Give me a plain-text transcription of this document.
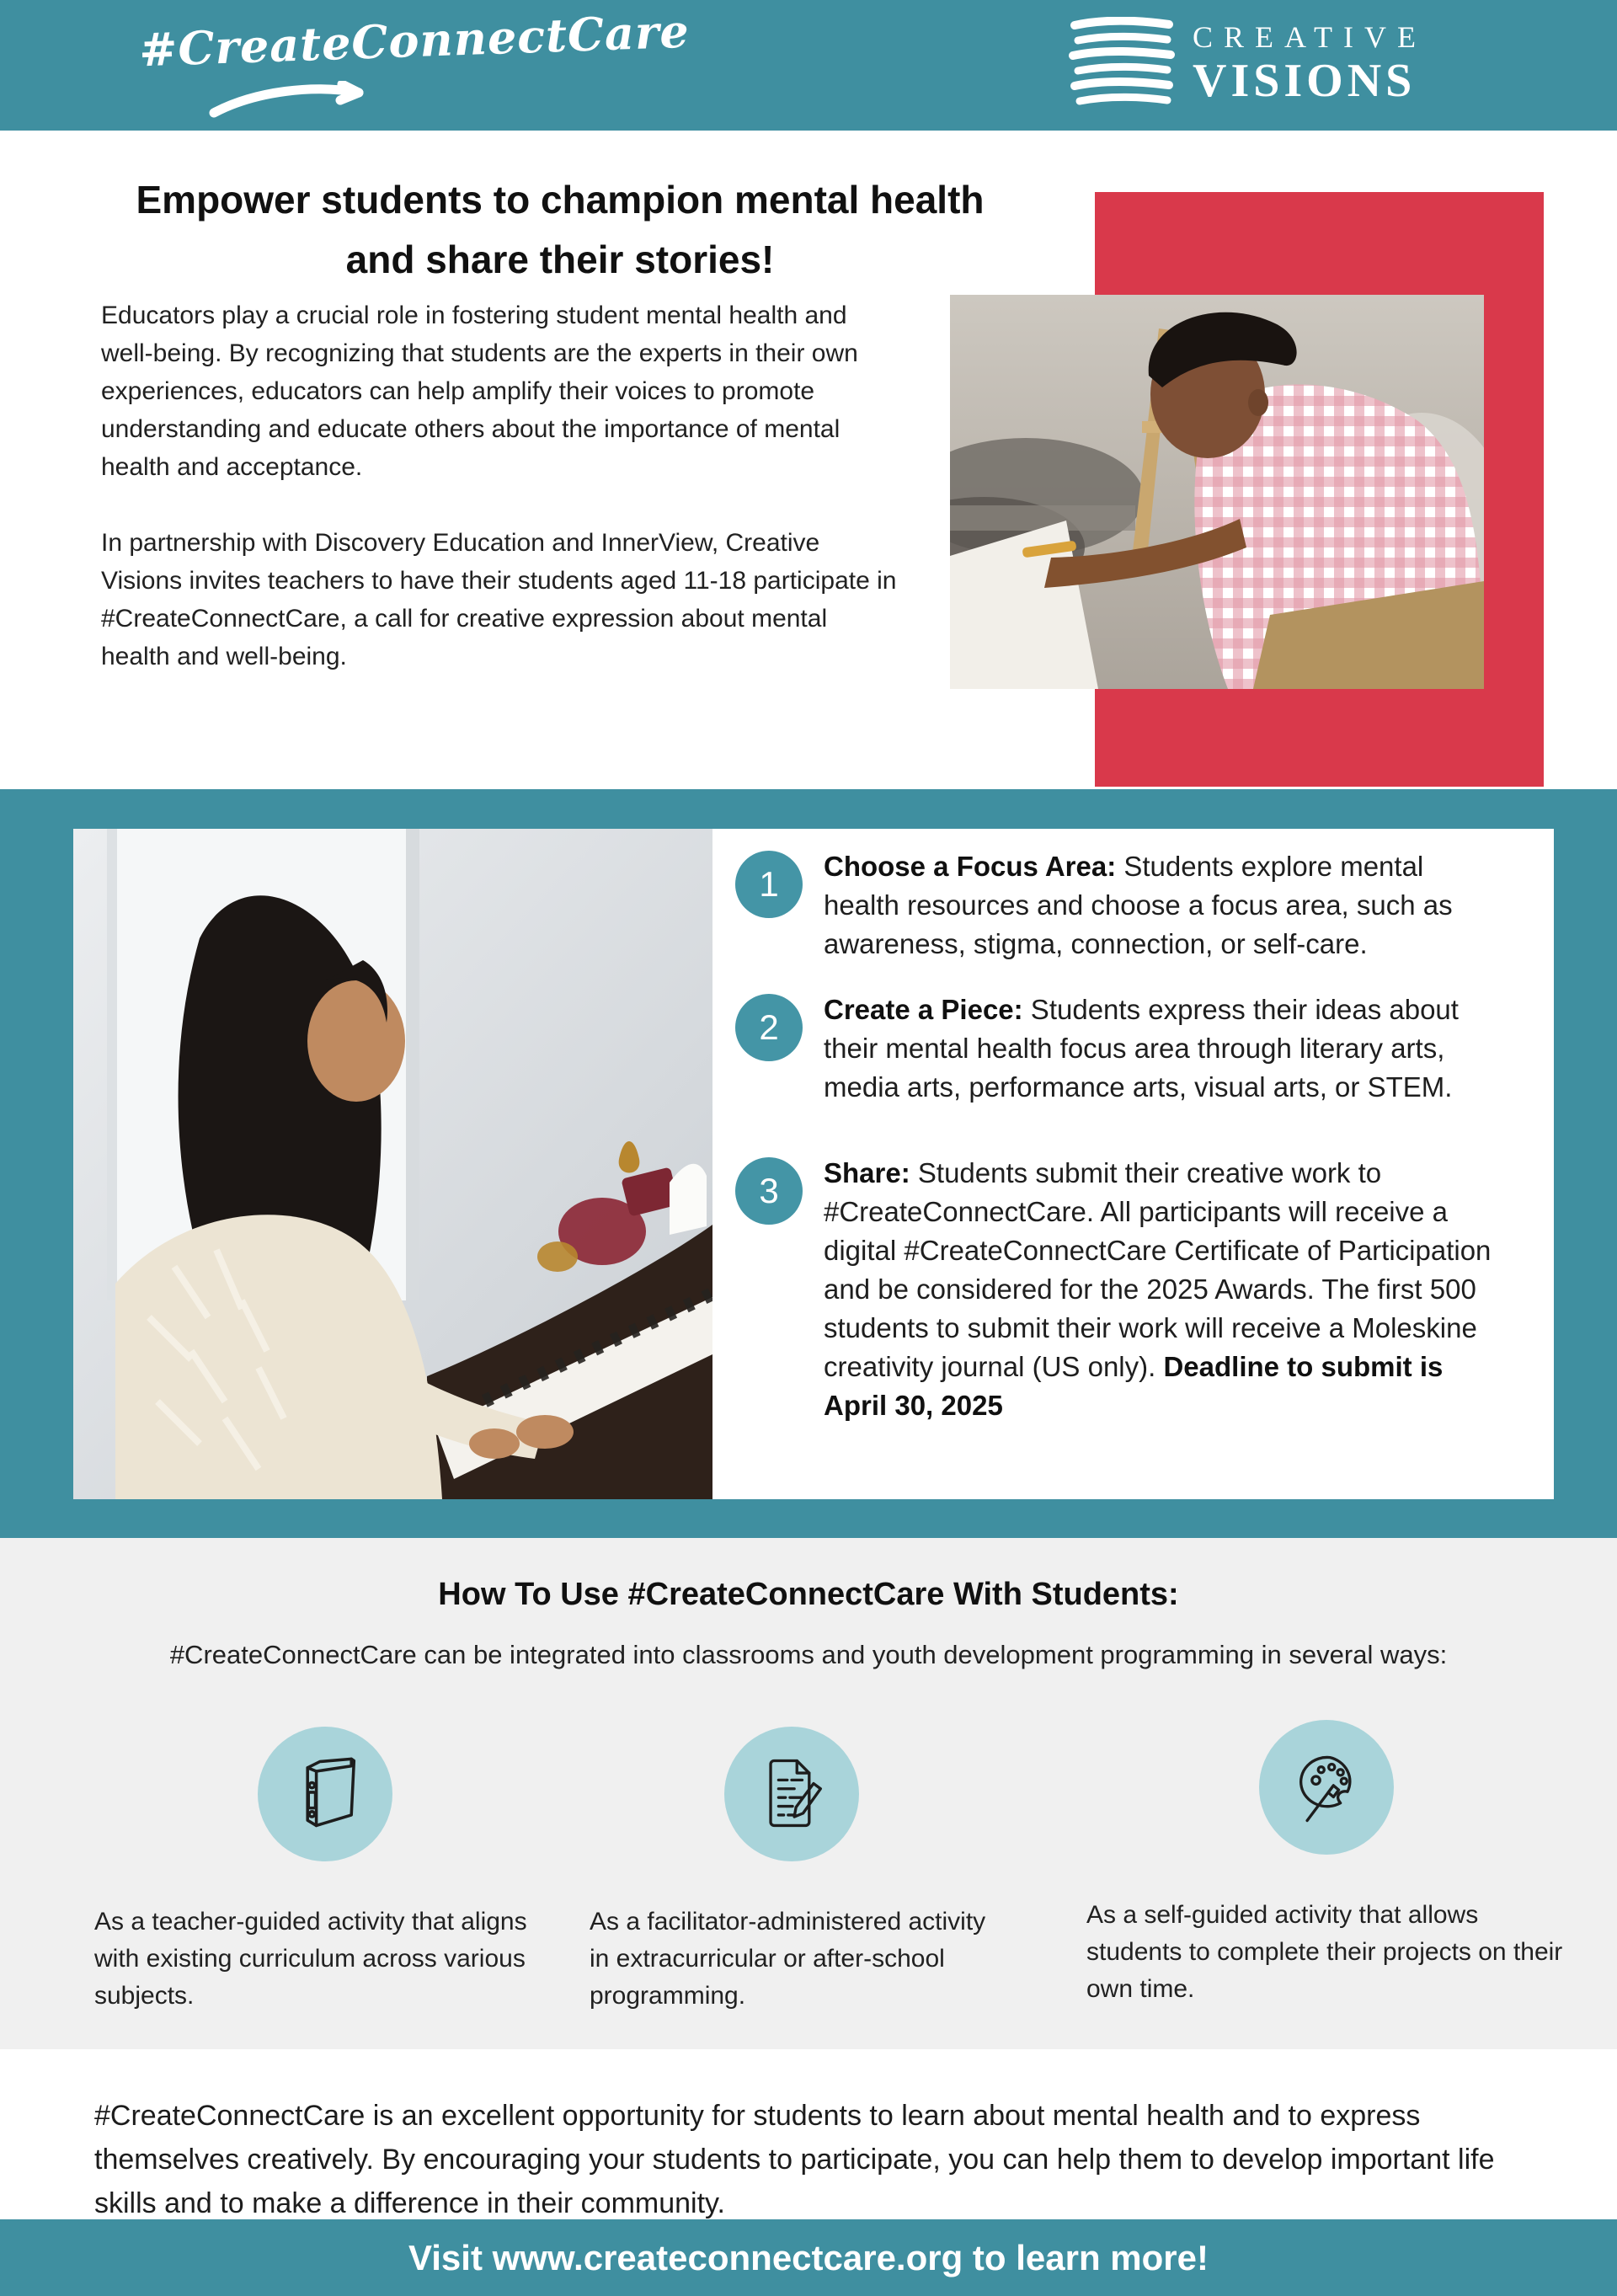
#CreateConnectCare	CREATIVE
VISIONS
Empower students to champion mental health
and share their stories!

Educators play a crucial role in fostering student mental health and well-being. By recognizing that students are the experts in their own experiences, educators can help amplify their voices to promote understanding and educate others about the importance of mental health and acceptance.

In partnership with Discovery Education and InnerView, Creative Visions invites teachers to have their students aged 11-18 participate in #CreateConnectCare, a call for creative expression about mental health and well-being.

1	Choose a Focus Area: Students explore mental health resources and choose a focus area, such as awareness, stigma, connection, or self-care.
2	Create a Piece: Students express their ideas about their mental health focus area through literary arts, media arts, performance arts, visual arts, or STEM.
3	Share: Students submit their creative work to #CreateConnectCare. All participants will receive a digital #CreateConnectCare Certificate of Participation and be considered for the 2025 Awards. The first 500 students to submit their work will receive a Moleskine creativity journal (US only). Deadline to submit is April 30, 2025
How To Use #CreateConnectCare With Students:
#CreateConnectCare can be integrated into classrooms and youth development programming in several ways:

As a teacher-guided activity that aligns with existing curriculum across various subjects.

As a facilitator-administered activity in extracurricular or after-school programming.

As a self-guided activity that allows students to complete their projects on their own time.

#CreateConnectCare is an excellent opportunity for students to learn about mental health and to express themselves creatively. By encouraging your students to participate, you can help them to develop important life skills and to make a difference in their community.

Visit www.createconnectcare.org to learn more!
